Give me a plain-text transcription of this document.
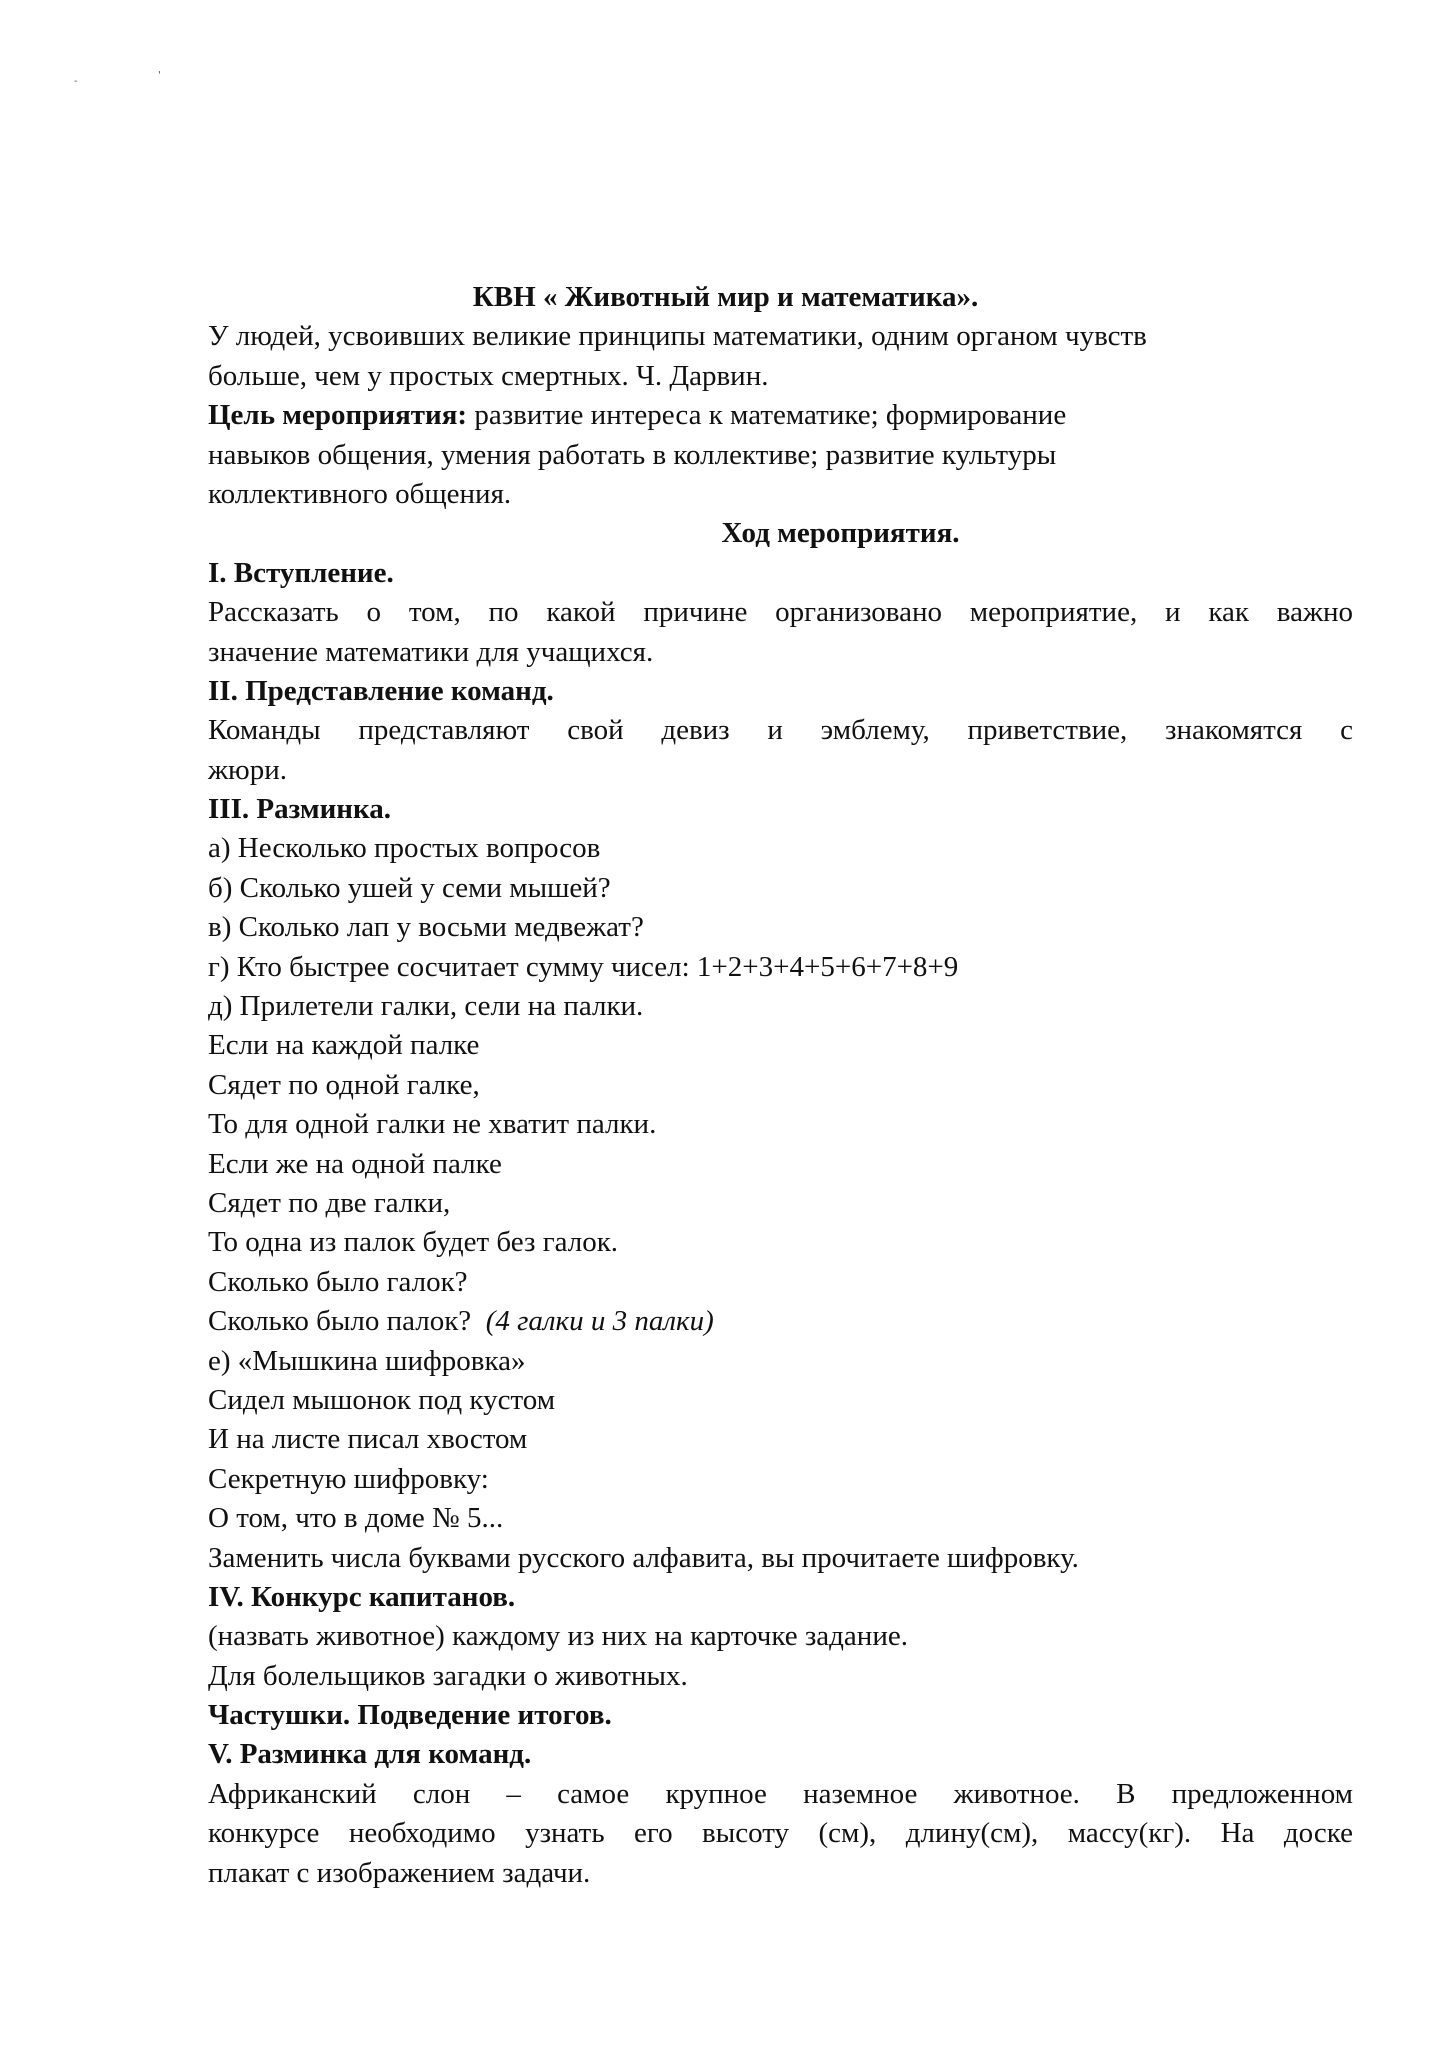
-
'
КВН « Животный мир и математика».
У людей, усвоивших великие принципы математики, одним органом чувств
больше, чем у простых смертных. Ч. Дарвин.
Цель мероприятия: развитие интереса к математике; формирование
навыков общения, умения работать в коллективе; развитие культуры
коллективного общения.
Ход мероприятия.
I. Вступление.
Рассказать о том, по какой причине организовано мероприятие, и как важно
значение математики для учащихся.
II. Представление команд.
Команды представляют свой девиз и эмблему, приветствие, знакомятся с
жюри.
III. Разминка.
а) Несколько простых вопросов
б) Сколько ушей у семи мышей?
в) Сколько лап у восьми медвежат?
г) Кто быстрее сосчитает сумму чисел: 1+2+3+4+5+6+7+8+9
д) Прилетели галки, сели на палки.
Если на каждой палке
Сядет по одной галке,
То для одной галки не хватит палки.
Если же на одной палке
Сядет по две галки,
То одна из палок будет без галок.
Сколько было галок?
Сколько было палок? (4 галки и 3 палки)
е) «Мышкина шифровка»
Сидел мышонок под кустом
И на листе писал хвостом
Секретную шифровку:
О том, что в доме № 5...
Заменить числа буквами русского алфавита, вы прочитаете шифровку.
IV. Конкурс капитанов.
(назвать животное) каждому из них на карточке задание.
Для болельщиков загадки о животных.
Частушки. Подведение итогов.
V. Разминка для команд.
Африканский слон – самое крупное наземное животное. В предложенном
конкурсе необходимо узнать его высоту (см), длину(см), массу(кг). На доске
плакат с изображением задачи.
